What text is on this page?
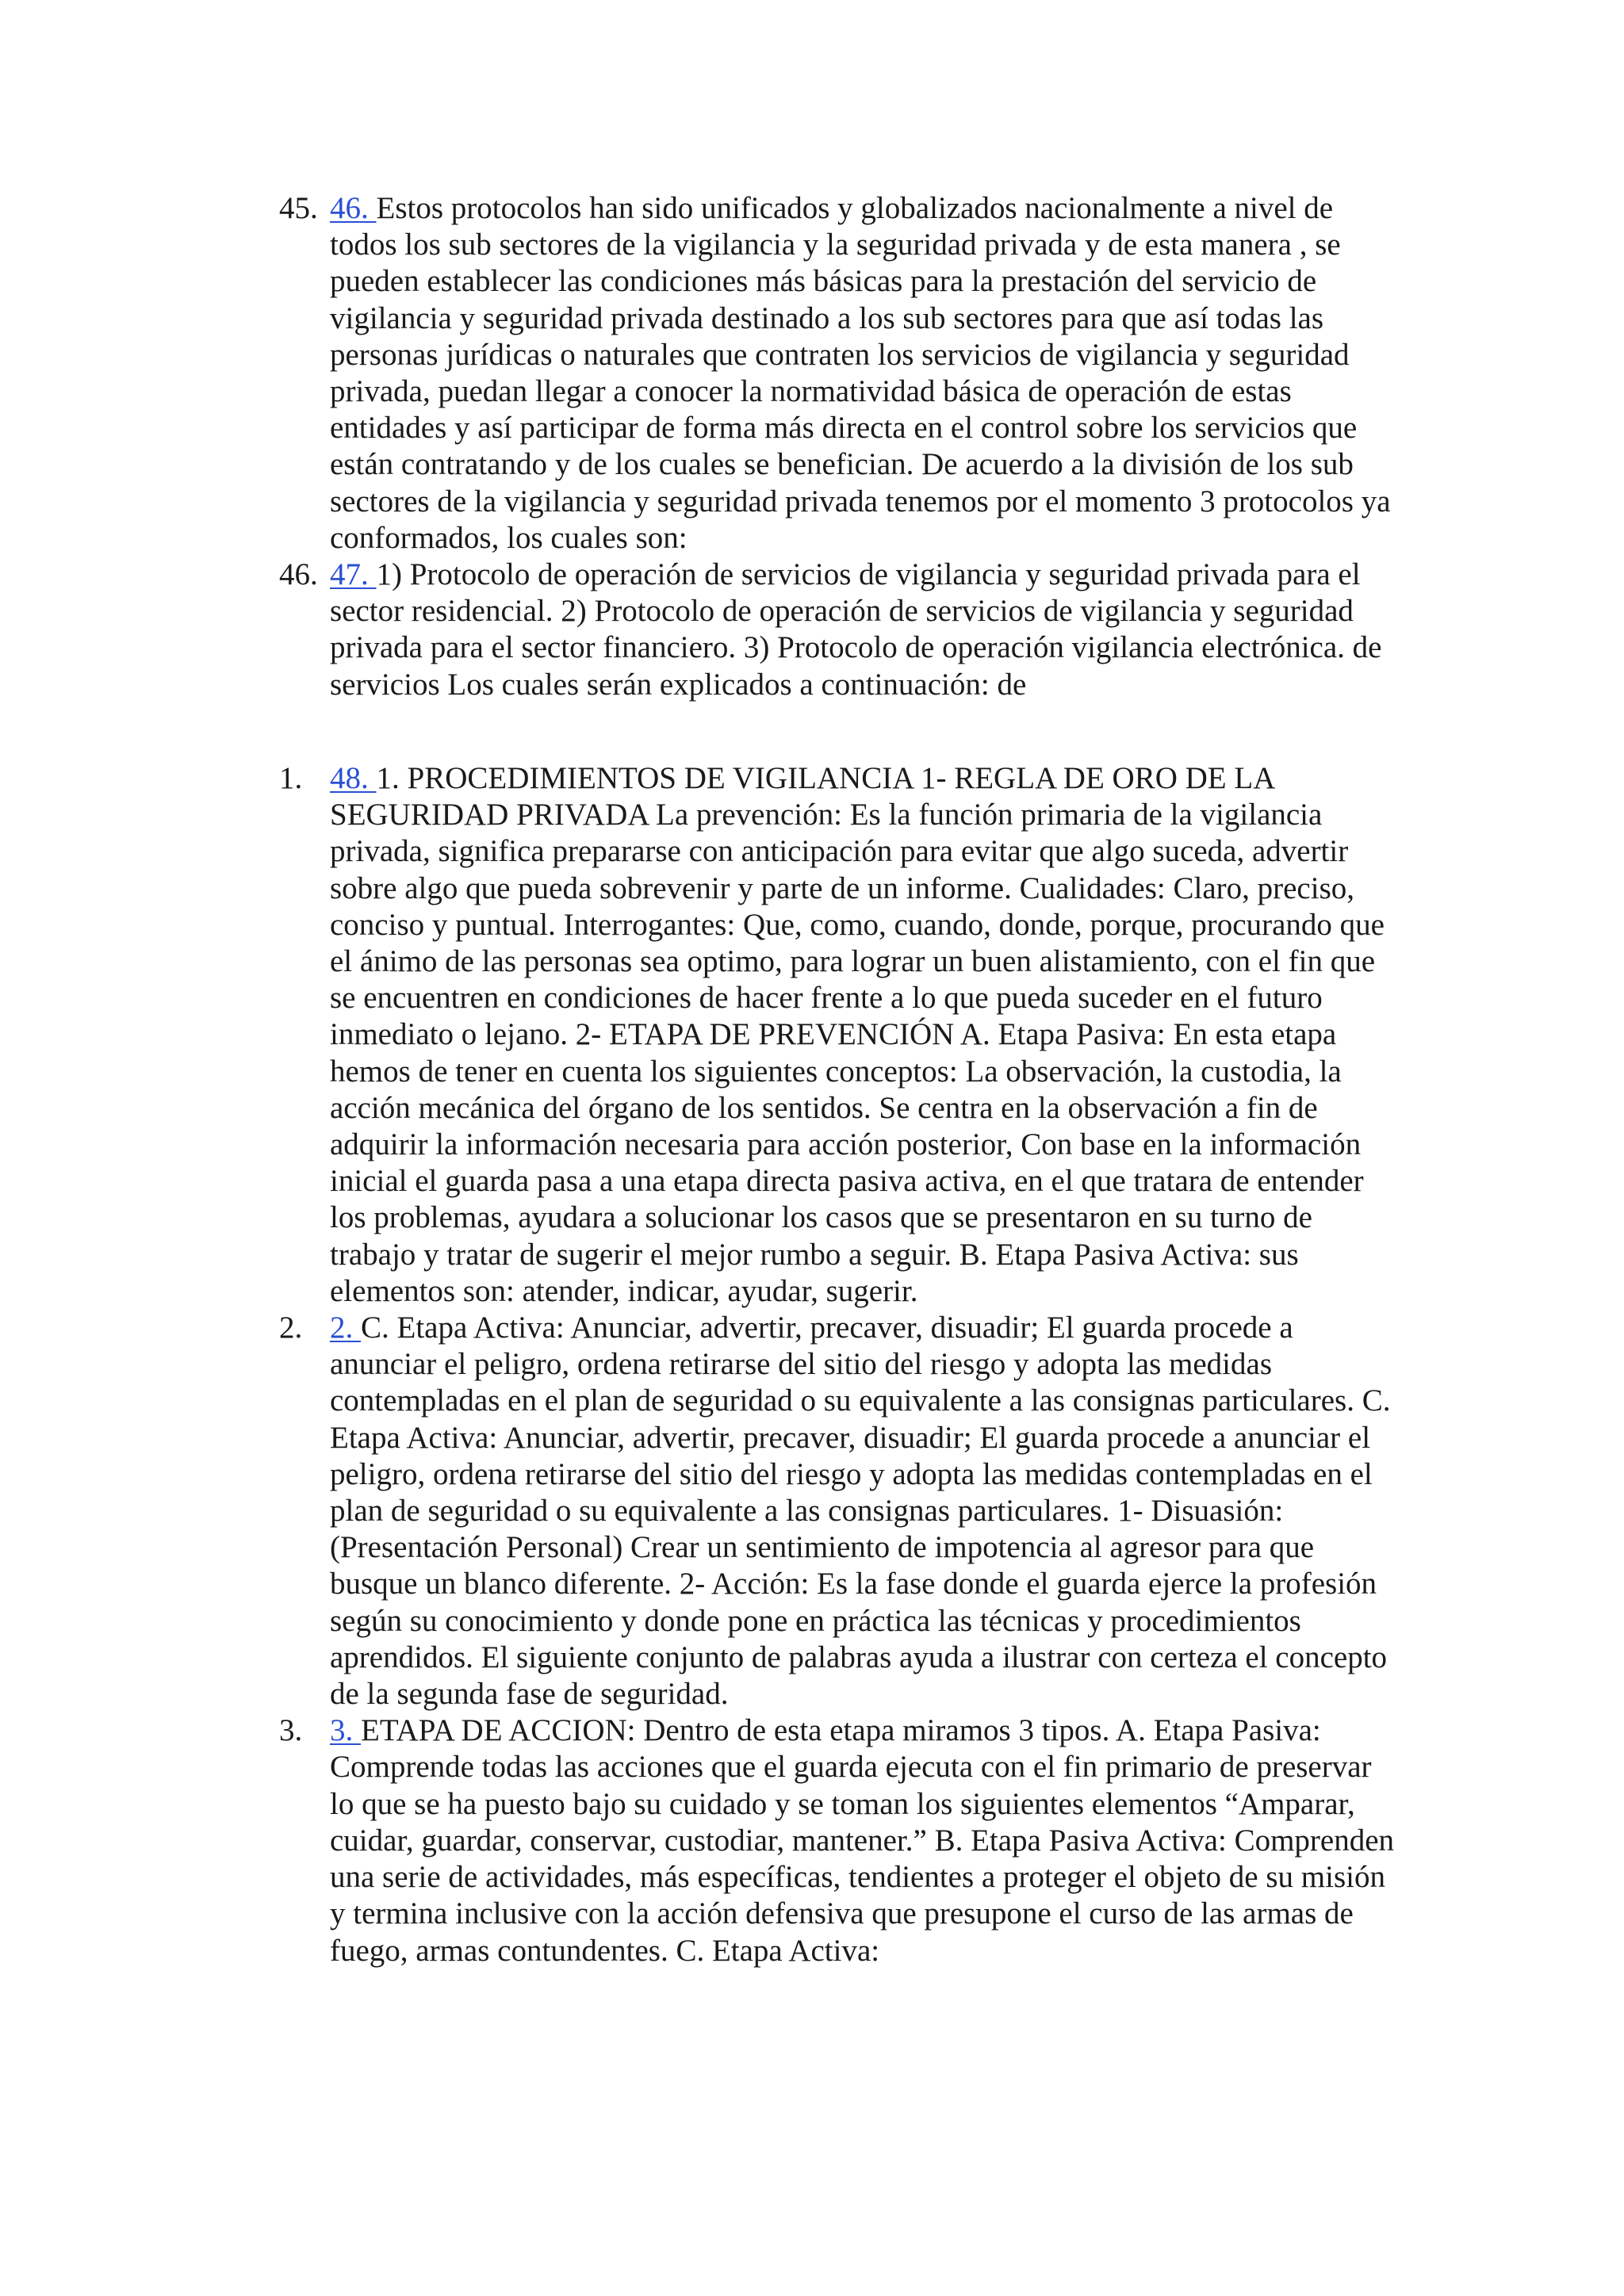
45. 46. Estos protocolos han sido unificados y globalizados nacionalmente a nivel de todos los sub sectores de la vigilancia y la seguridad privada y de esta manera , se pueden establecer las condiciones más básicas para la prestación del servicio de vigilancia y seguridad privada destinado a los sub sectores para que así todas las personas jurídicas o naturales que contraten los servicios de vigilancia y seguridad privada, puedan llegar a conocer la normatividad básica de operación de estas entidades y así participar de forma más directa en el control sobre los servicios que están contratando y de los cuales se benefician. De acuerdo a la división de los sub sectores de la vigilancia y seguridad privada tenemos por el momento 3 protocolos ya conformados, los cuales son:

46. 47. 1) Protocolo de operación de servicios de vigilancia y seguridad privada para el sector residencial. 2) Protocolo de operación de servicios de vigilancia y seguridad privada para el sector financiero. 3) Protocolo de operación vigilancia electrónica. de servicios Los cuales serán explicados a continuación: de

1. 48. 1. PROCEDIMIENTOS DE VIGILANCIA 1- REGLA DE ORO DE LA SEGURIDAD PRIVADA La prevención: Es la función primaria de la vigilancia privada, significa prepararse con anticipación para evitar que algo suceda, advertir sobre algo que pueda sobrevenir y parte de un informe. Cualidades: Claro, preciso, conciso y puntual. Interrogantes: Que, como, cuando, donde, porque, procurando que el ánimo de las personas sea optimo, para lograr un buen alistamiento, con el fin que se encuentren en condiciones de hacer frente a lo que pueda suceder en el futuro inmediato o lejano. 2- ETAPA DE PREVENCIÓN A. Etapa Pasiva: En esta etapa hemos de tener en cuenta los siguientes conceptos: La observación, la custodia, la acción mecánica del órgano de los sentidos. Se centra en la observación a fin de adquirir la información necesaria para acción posterior, Con base en la información inicial el guarda pasa a una etapa directa pasiva activa, en el que tratara de entender los problemas, ayudara a solucionar los casos que se presentaron en su turno de trabajo y tratar de sugerir el mejor rumbo a seguir. B. Etapa Pasiva Activa: sus elementos son: atender, indicar, ayudar, sugerir.

2. 2. C. Etapa Activa: Anunciar, advertir, precaver, disuadir; El guarda procede a anunciar el peligro, ordena retirarse del sitio del riesgo y adopta las medidas contempladas en el plan de seguridad o su equivalente a las consignas particulares. C. Etapa Activa: Anunciar, advertir, precaver, disuadir; El guarda procede a anunciar el peligro, ordena retirarse del sitio del riesgo y adopta las medidas contempladas en el plan de seguridad o su equivalente a las consignas particulares. 1- Disuasión: (Presentación Personal) Crear un sentimiento de impotencia al agresor para que busque un blanco diferente. 2- Acción: Es la fase donde el guarda ejerce la profesión según su conocimiento y donde pone en práctica las técnicas y procedimientos aprendidos. El siguiente conjunto de palabras ayuda a ilustrar con certeza el concepto de la segunda fase de seguridad.

3. 3. ETAPA DE ACCION: Dentro de esta etapa miramos 3 tipos. A. Etapa Pasiva: Comprende todas las acciones que el guarda ejecuta con el fin primario de preservar lo que se ha puesto bajo su cuidado y se toman los siguientes elementos “Amparar, cuidar, guardar, conservar, custodiar, mantener.” B. Etapa Pasiva Activa: Comprenden una serie de actividades, más específicas, tendientes a proteger el objeto de su misión y termina inclusive con la acción defensiva que presupone el curso de las armas de fuego, armas contundentes. C. Etapa Activa:
